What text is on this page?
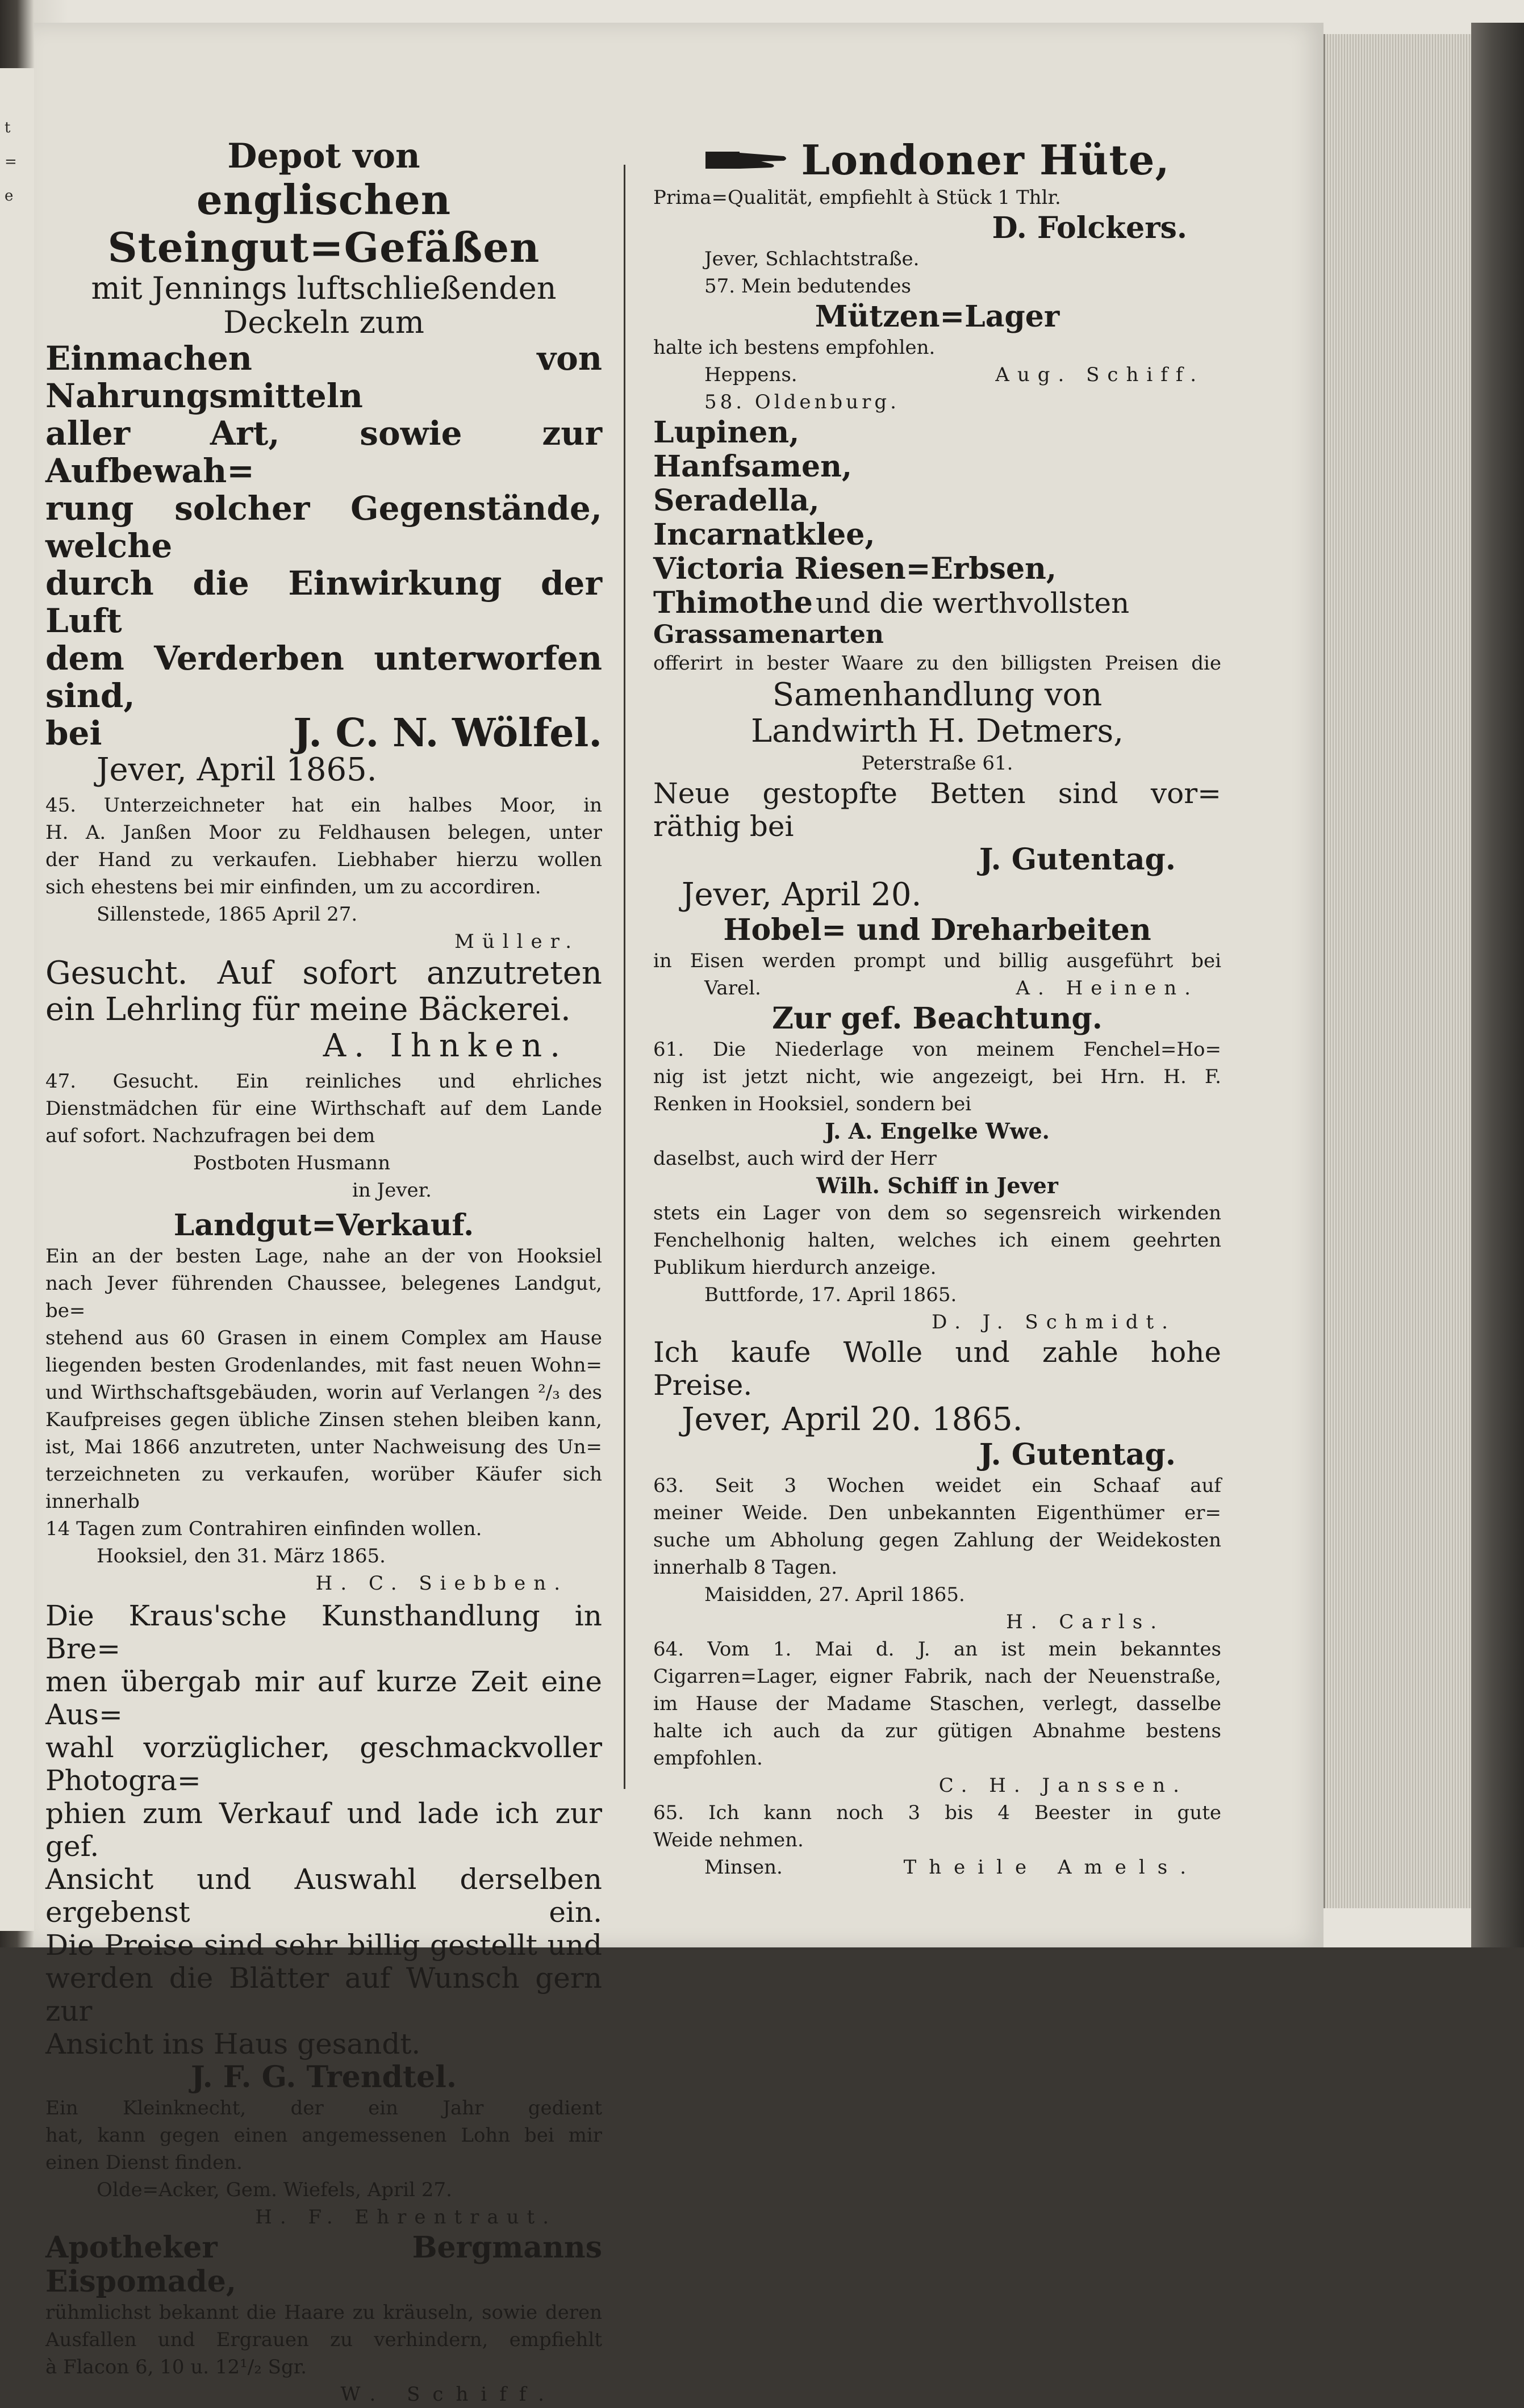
t
=
e

Depot von

englischen Steingut=Gefäßen

mit Jennings luftschließenden

Deckeln zum

Einmachen von Nahrungsmitteln

aller Art, sowie zur Aufbewah=

rung solcher Gegenstände, welche

durch die Einwirkung der Luft

dem Verderben unterworfen sind,

bei	J. C. N. Wölfel.

Jever, April 1865.

45. Unterzeichneter hat ein halbes Moor, in

H. A. Janßen Moor zu Feldhausen belegen, unter

der Hand zu verkaufen. Liebhaber hierzu wollen

sich ehestens bei mir einfinden, um zu accordiren.

Sillenstede, 1865 April 27.

Müller.

Gesucht. Auf sofort anzutreten

ein Lehrling für meine Bäckerei.

A. Ihnken.

47. Gesucht. Ein reinliches und ehrliches

Dienstmädchen für eine Wirthschaft auf dem Lande

auf sofort. Nachzufragen bei dem

Postboten Husmann

in Jever.

Landgut=Verkauf.

Ein an der besten Lage, nahe an der von Hooksiel

nach Jever führenden Chaussee, belegenes Landgut, be=

stehend aus 60 Grasen in einem Complex am Hause

liegenden besten Grodenlandes, mit fast neuen Wohn=

und Wirthschaftsgebäuden, worin auf Verlangen ²/₃ des

Kaufpreises gegen übliche Zinsen stehen bleiben kann,

ist, Mai 1866 anzutreten, unter Nachweisung des Un=

terzeichneten zu verkaufen, worüber Käufer sich innerhalb

14 Tagen zum Contrahiren einfinden wollen.

Hooksiel, den 31. März 1865.

H. C. Siebben.

Die Kraus'sche Kunsthandlung in Bre=

men übergab mir auf kurze Zeit eine Aus=

wahl vorzüglicher, geschmackvoller Photogra=

phien zum Verkauf und lade ich zur gef.

Ansicht und Auswahl derselben ergebenst ein.

Die Preise sind sehr billig gestellt und

werden die Blätter auf Wunsch gern zur

Ansicht ins Haus gesandt.

J. F. G. Trendtel.

Ein Kleinknecht, der ein Jahr gedient

hat, kann gegen einen angemessenen Lohn bei mir

einen Dienst finden.

Olde=Acker, Gem. Wiefels, April 27.

H. F. Ehrentraut.

Apotheker Bergmanns Eispomade,

rühmlichst bekannt die Haare zu kräuseln, sowie deren

Ausfallen und Ergrauen zu verhindern, empfiehlt

à Flacon 6, 10 u. 12¹/₂ Sgr.

W. Schiff.

Londoner Hüte,

Prima=Qualität, empfiehlt à Stück 1 Thlr.

D. Folckers.

Jever, Schlachtstraße.

57. Mein bedutendes

Mützen=Lager

halte ich bestens empfohlen.

Heppens.	Aug. Schiff.

58. Oldenburg.

Lupinen,

Hanfsamen,

Seradella,

Incarnatklee,

Victoria Riesen=Erbsen,

Thimothe und die werthvollsten

Grassamenarten

offerirt in bester Waare zu den billigsten Preisen die

Samenhandlung von

Landwirth H. Detmers,

Peterstraße 61.

Neue gestopfte Betten sind vor=

räthig bei

J. Gutentag.

Jever, April 20.

Hobel= und Dreharbeiten

in Eisen werden prompt und billig ausgeführt bei

Varel.	A. Heinen.

Zur gef. Beachtung.

61. Die Niederlage von meinem Fenchel=Ho=

nig ist jetzt nicht, wie angezeigt, bei Hrn. H. F.

Renken in Hooksiel, sondern bei

J. A. Engelke Wwe.

daselbst, auch wird der Herr

Wilh. Schiff in Jever

stets ein Lager von dem so segensreich wirkenden

Fenchelhonig halten, welches ich einem geehrten

Publikum hierdurch anzeige.

Buttforde, 17. April 1865.

D. J. Schmidt.

Ich kaufe Wolle und zahle hohe

Preise.

Jever, April 20. 1865.

J. Gutentag.

63. Seit 3 Wochen weidet ein Schaaf auf

meiner Weide. Den unbekannten Eigenthümer er=

suche um Abholung gegen Zahlung der Weidekosten

innerhalb 8 Tagen.

Maisidden, 27. April 1865.

H. Carls.

64. Vom 1. Mai d. J. an ist mein bekanntes

Cigarren=Lager, eigner Fabrik, nach der Neuenstraße,

im Hause der Madame Staschen, verlegt, dasselbe

halte ich auch da zur gütigen Abnahme bestens

empfohlen.

C. H. Janssen.

65. Ich kann noch 3 bis 4 Beester in gute

Weide nehmen.

Minsen.	Theile Amels.
